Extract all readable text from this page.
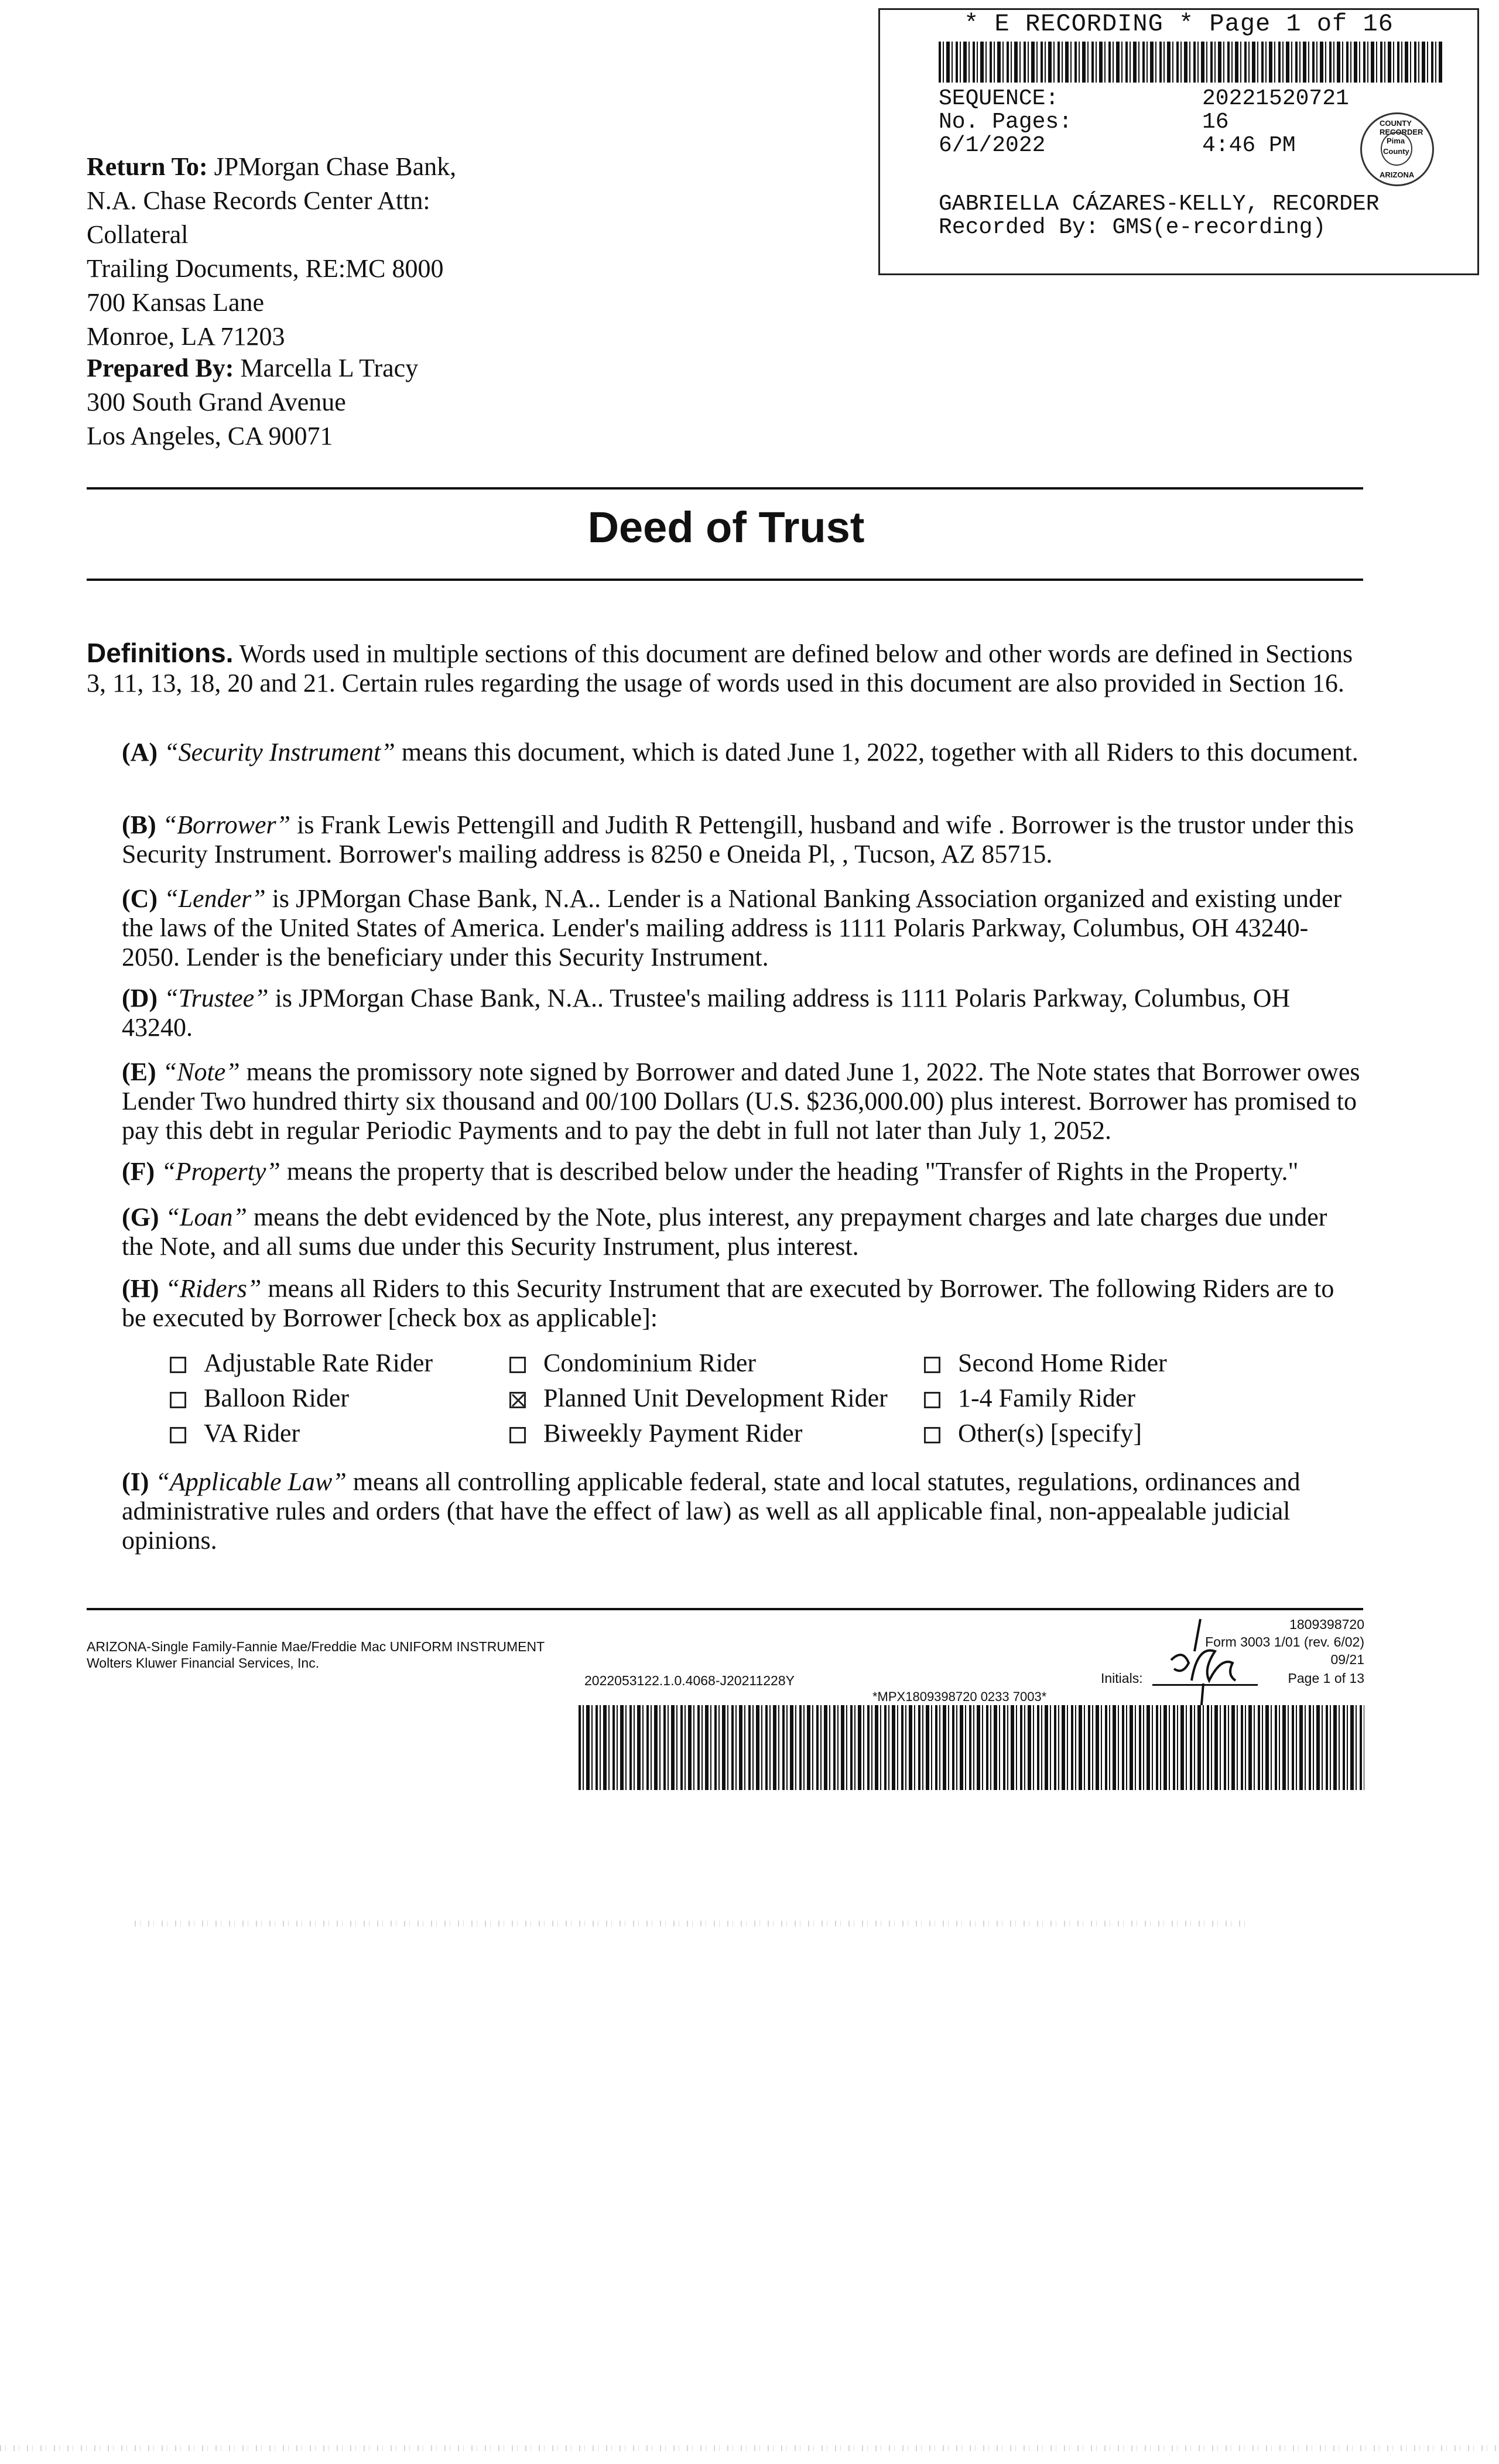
* E RECORDING * Page 1 of 16
SEQUENCE:	20221520721
No. Pages:	16
6/1/2022	4:46 PM
COUNTY RECORDER
Pima
County
ARIZONA
GABRIELLA CÁZARES-KELLY, RECORDER
Recorded By: GMS(e-recording)
Return To: JPMorgan Chase Bank,
N.A. Chase Records Center Attn:
Collateral
Trailing Documents, RE:MC 8000
700 Kansas Lane
Monroe, LA 71203
Prepared By: Marcella L Tracy
300 South Grand Avenue
Los Angeles, CA 90071
Deed of Trust
Definitions. Words used in multiple sections of this document are defined below and other words are defined in Sections 3, 11, 13, 18, 20 and 21. Certain rules regarding the usage of words used in this document are also provided in Section 16.
(A) “Security Instrument” means this document, which is dated June 1, 2022, together with all Riders to this document.
(B) “Borrower” is Frank Lewis Pettengill and Judith R Pettengill, husband and wife . Borrower is the trustor under this Security Instrument. Borrower's mailing address is 8250 e Oneida Pl, , Tucson, AZ 85715.
(C) “Lender” is JPMorgan Chase Bank, N.A.. Lender is a National Banking Association organized and existing under the laws of the United States of America. Lender's mailing address is 1111 Polaris Parkway, Columbus, OH 43240-2050. Lender is the beneficiary under this Security Instrument.
(D) “Trustee” is JPMorgan Chase Bank, N.A.. Trustee's mailing address is 1111 Polaris Parkway, Columbus, OH 43240.
(E) “Note” means the promissory note signed by Borrower and dated June 1, 2022. The Note states that Borrower owes Lender Two hundred thirty six thousand and 00/100 Dollars (U.S. $236,000.00) plus interest. Borrower has promised to pay this debt in regular Periodic Payments and to pay the debt in full not later than July 1, 2052.
(F) “Property” means the property that is described below under the heading "Transfer of Rights in the Property."
(G) “Loan” means the debt evidenced by the Note, plus interest, any prepayment charges and late charges due under the Note, and all sums due under this Security Instrument, plus interest.
(H) “Riders” means all Riders to this Security Instrument that are executed by Borrower. The following Riders are to be executed by Borrower [check box as applicable]:
Adjustable Rate Rider	Condominium Rider	Second Home Rider
Balloon Rider	Planned Unit Development Rider	1-4 Family Rider
VA Rider	Biweekly Payment Rider	Other(s) [specify]
(I) “Applicable Law” means all controlling applicable federal, state and local statutes, regulations, ordinances and administrative rules and orders (that have the effect of law) as well as all applicable final, non-appealable judicial opinions.
ARIZONA-Single Family-Fannie Mae/Freddie Mac UNIFORM INSTRUMENT
Wolters Kluwer Financial Services, Inc.
2022053122.1.0.4068-J20211228Y
1809398720
Form 3003 1/01 (rev. 6/02)
09/21
Initials:	Page 1 of 13
*MPX1809398720 0233 7003*
